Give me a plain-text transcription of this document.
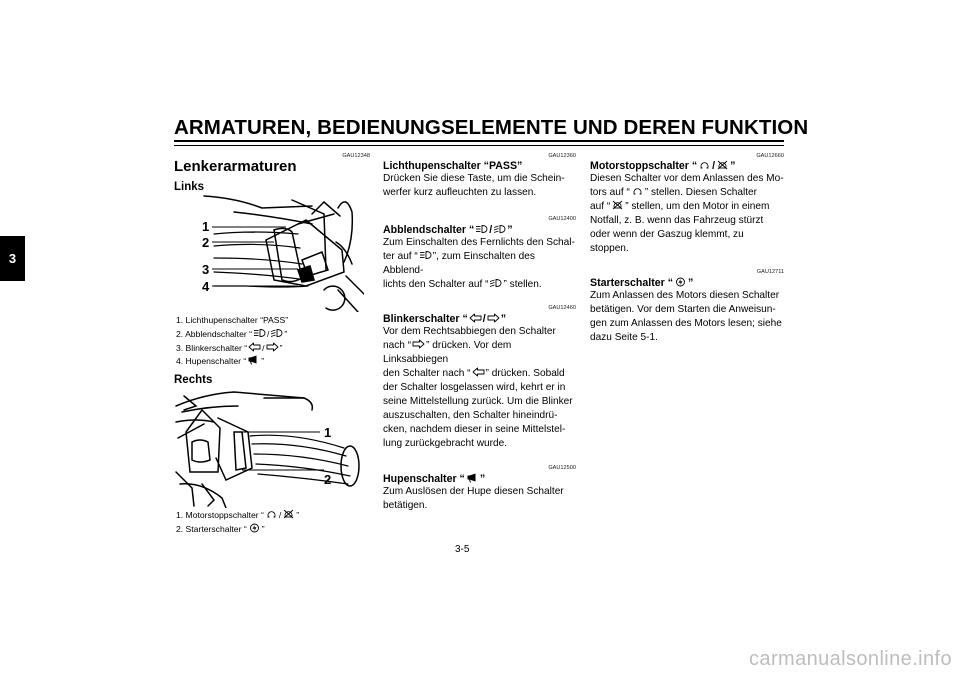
ARMATUREN, BEDIENUNGSELEMENTE UND DEREN FUNKTION
3
GAU12348
Lenkerarmaturen
Links
1
2
3
4
1. Lichthupenschalter “PASS”
2. Abblendschalter “ / ”
3. Blinkerschalter “ / ”
4. Hupenschalter “ ”
Rechts
1
2
1. Motorstoppschalter “ / ”
2. Starterschalter “ ”
GAU12360
Lichthupenschalter “PASS”
Drücken Sie diese Taste, um die Schein-werfer kurz aufleuchten zu lassen.
GAU12400
Abblendschalter “ / ”
Zum Einschalten des Fernlichts den Schal-
ter auf “ ”, zum Einschalten des Abblend-
lichts den Schalter auf “ ” stellen.
GAU12460
Blinkerschalter “ / ”
Vor dem Rechtsabbiegen den Schalter
nach “ ” drücken. Vor dem Linksabbiegen
den Schalter nach “ ” drücken. Sobald
der Schalter losgelassen wird, kehrt er in seine Mittelstellung zurück. Um die Blinker auszuschalten, den Schalter hineindrü-cken, nachdem dieser in seine Mittelstel-lung zurückgebracht wurde.
GAU12500
Hupenschalter “ ”
Zum Auslösen der Hupe diesen Schalter betätigen.
GAU12660
Motorstoppschalter “ / ”
Diesen Schalter vor dem Anlassen des Mo-
tors auf “ ” stellen. Diesen Schalter
auf “ ” stellen, um den Motor in einem
Notfall, z. B. wenn das Fahrzeug stürzt oder wenn der Gaszug klemmt, zu stoppen.
GAU12711
Starterschalter “ ”
Zum Anlassen des Motors diesen Schalter betätigen. Vor dem Starten die Anweisun-gen zum Anlassen des Motors lesen; siehe dazu Seite 5-1.
3-5
carmanualsonline.info
